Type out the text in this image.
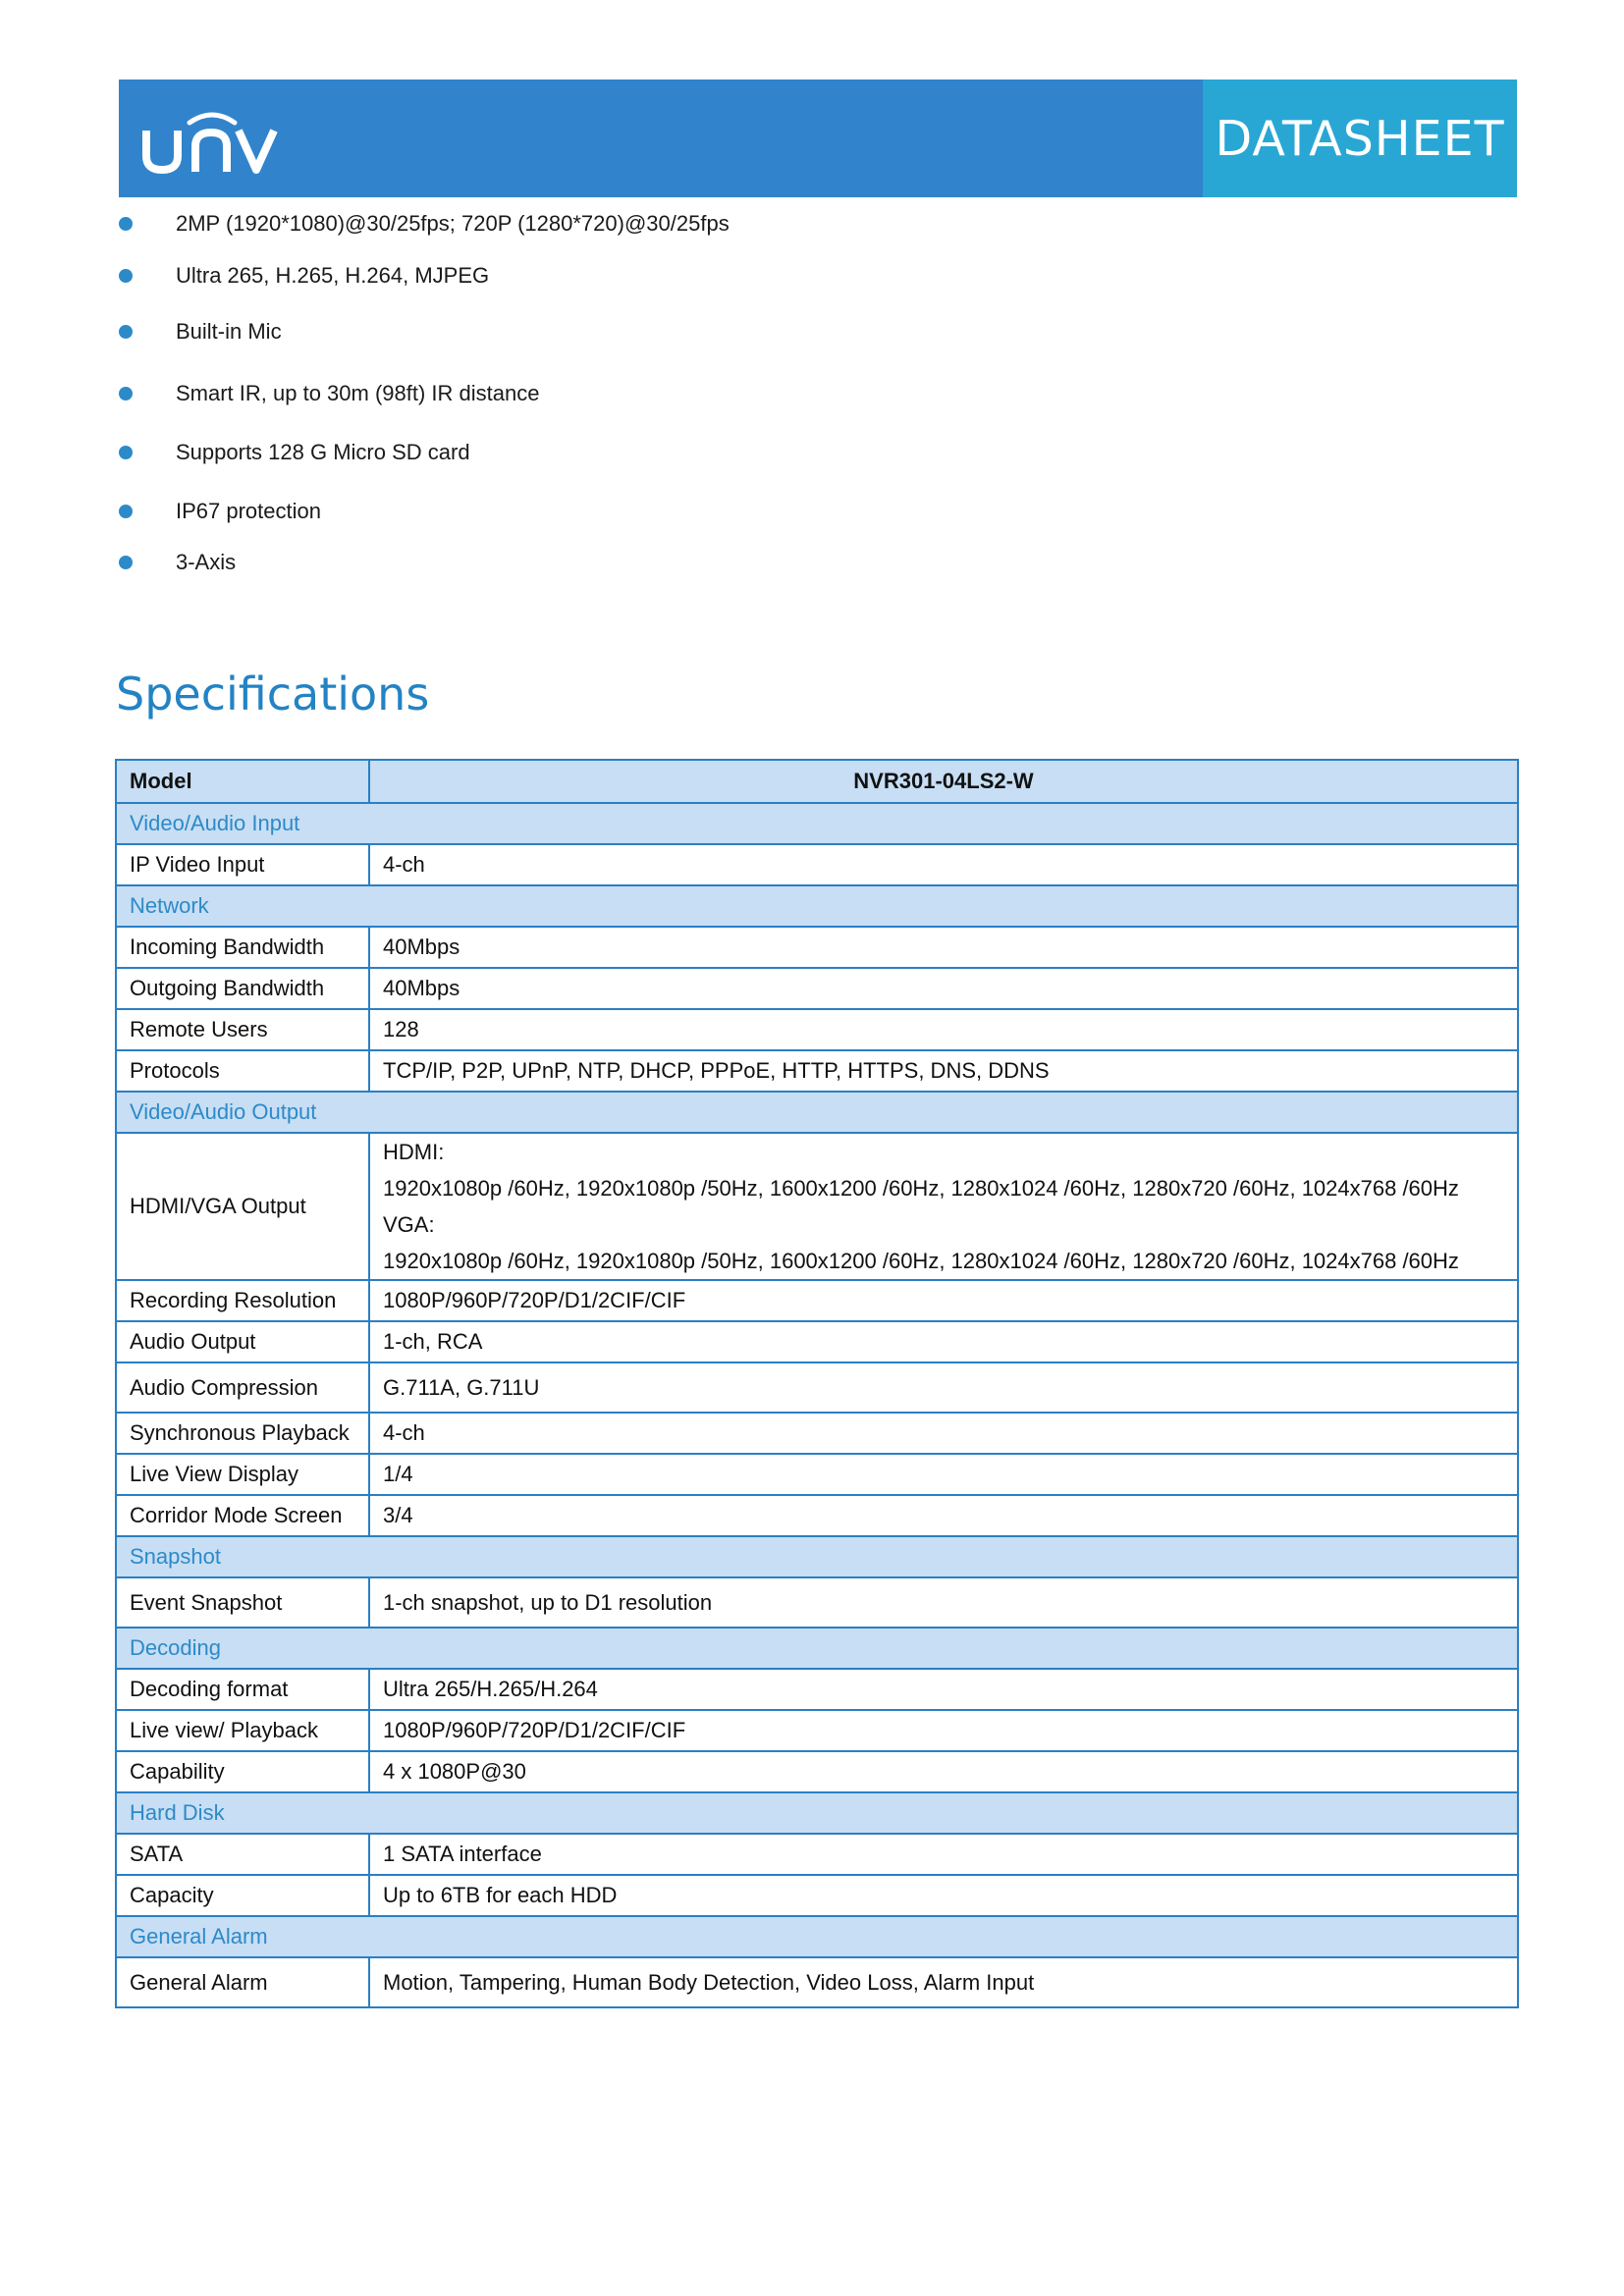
DATASHEET
2MP (1920*1080)@30/25fps; 720P (1280*720)@30/25fps
Ultra 265, H.265, H.264, MJPEG
Built-in Mic
Smart IR, up to 30m (98ft) IR distance
Supports 128 G Micro SD card
IP67 protection
3-Axis
Specifications
Model	NVR301-04LS2-W
Video/Audio Input	
IP Video Input	4-ch
Network	
Incoming Bandwidth	40Mbps
Outgoing Bandwidth	40Mbps
Remote Users	128
Protocols	TCP/IP, P2P, UPnP, NTP, DHCP, PPPoE, HTTP, HTTPS, DNS, DDNS
Video/Audio Output	
HDMI/VGA Output	HDMI:
1920x1080p /60Hz, 1920x1080p /50Hz, 1600x1200 /60Hz, 1280x1024 /60Hz, 1280x720 /60Hz, 1024x768 /60Hz
VGA:
1920x1080p /60Hz, 1920x1080p /50Hz, 1600x1200 /60Hz, 1280x1024 /60Hz, 1280x720 /60Hz, 1024x768 /60Hz

Recording Resolution	1080P/960P/720P/D1/2CIF/CIF
Audio Output	1-ch, RCA
Audio Compression	G.711A, G.711U
Synchronous Playback	4-ch
Live View Display	1/4
Corridor Mode Screen	3/4
Snapshot	
Event Snapshot	1-ch snapshot, up to D1 resolution
Decoding	
Decoding format	Ultra 265/H.265/H.264
Live view/ Playback	1080P/960P/720P/D1/2CIF/CIF
Capability	4 x 1080P@30
Hard Disk	
SATA	1 SATA interface
Capacity	Up to 6TB for each HDD
General Alarm	
General Alarm	Motion, Tampering, Human Body Detection, Video Loss, Alarm Input
